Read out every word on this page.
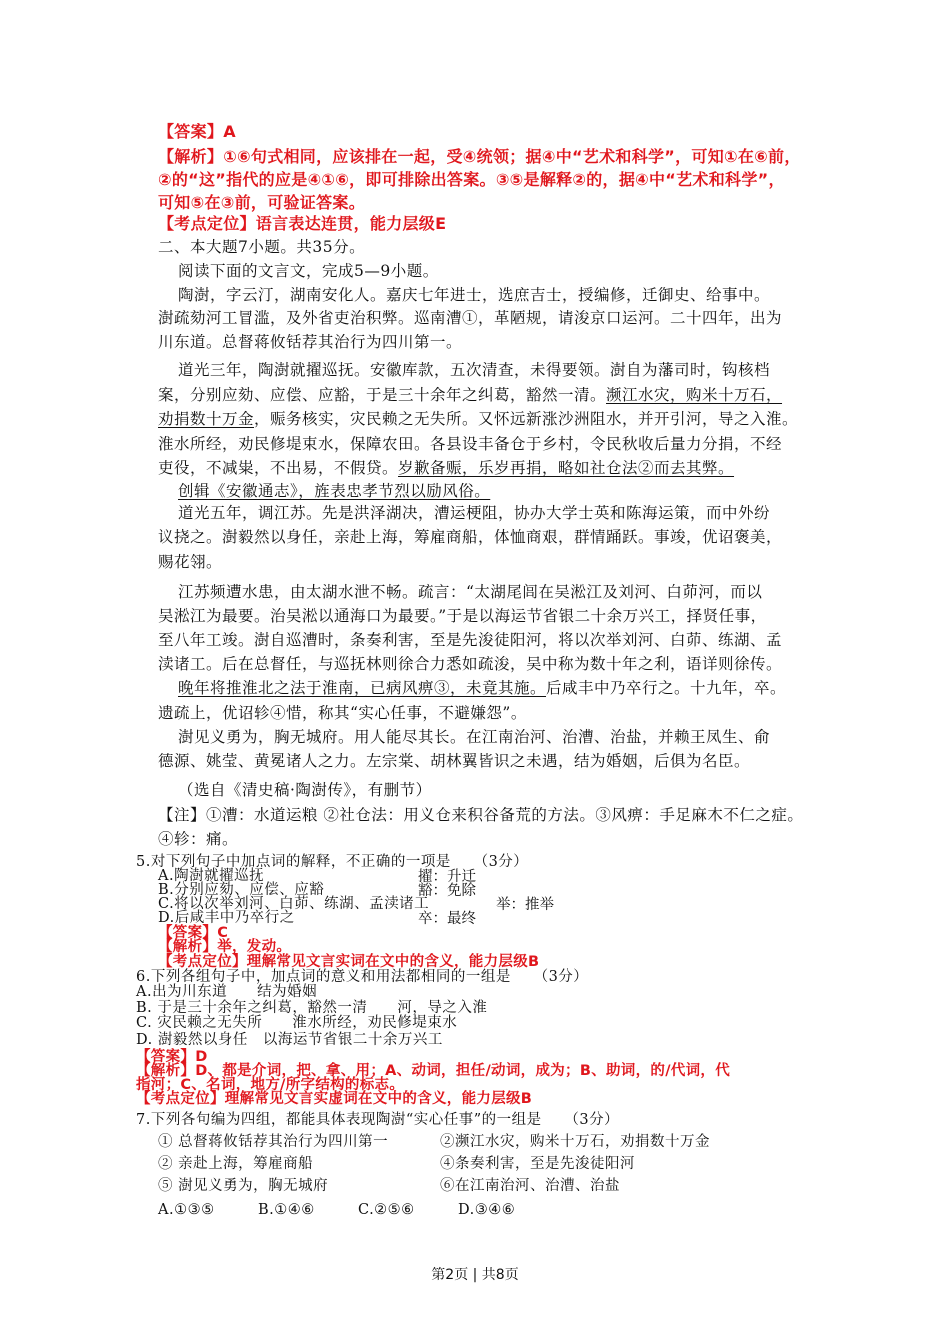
【答案】A
【解析】①⑥句式相同，应该排在一起，受④统领；据④中“艺术和科学”，可知①在⑥前，
②的“这”指代的应是④①⑥，即可排除出答案。③⑤是解释②的，据④中“艺术和科学”，
可知⑤在③前，可验证答案。
【考点定位】语言表达连贯，能力层级E
二、本大题7小题。共35分。
阅读下面的文言文，完成5—9小题。
陶澍，字云汀，湖南安化人。嘉庆七年进士，选庶吉士，授编修，迁御史、给事中。
澍疏劾河工冒滥，及外省吏治积弊。巡南漕①，革陋规，请浚京口运河。二十四年，出为
川东道。总督蒋攸铦荐其治行为四川第一。
道光三年，陶澍就擢巡抚。安徽库款，五次清查，未得要领。澍自为藩司时，钩核档
案，分别应劾、应偿、应豁，于是三十余年之纠葛，豁然一清。濒江水灾，购米十万石，
劝捐数十万金，赈务核实，灾民赖之无失所。又怀远新涨沙洲阻水，并开引河，导之入淮。
淮水所经，劝民修堤束水，保障农田。各县设丰备仓于乡村，令民秋收后量力分捐，不经
吏役，不减粜，不出易，不假贷。岁歉备赈，乐岁再捐，略如社仓法②而去其弊。
创辑《安徽通志》，旌表忠孝节烈以励风俗。
道光五年，调江苏。先是洪泽湖决，漕运梗阻，协办大学士英和陈海运策，而中外纷
议挠之。澍毅然以身任，亲赴上海，筹雇商船，体恤商艰，群情踊跃。事竣，优诏褒美，
赐花翎。
江苏频遭水患，由太湖水泄不畅。疏言：“太湖尾闾在吴淞江及刘河、白茆河，而以
吴淞江为最要。治吴淞以通海口为最要。”于是以海运节省银二十余万兴工，择贤任事，
至八年工竣。澍自巡漕时，条奏利害，至是先浚徒阳河，将以次举刘河、白茆、练湖、孟
渎诸工。后在总督任，与巡抚林则徐合力悉如疏浚，吴中称为数十年之利，语详则徐传。
晚年将推淮北之法于淮南，已病风痹③，未竟其施。后咸丰中乃卒行之。十九年，卒。
遗疏上，优诏轸④惜，称其“实心任事，不避嫌怨”。
澍见义勇为，胸无城府。用人能尽其长。在江南治河、治漕、治盐，并赖王凤生、俞
德源、姚莹、黄冕诸人之力。左宗棠、胡林翼皆识之未遇，结为婚姻，后俱为名臣。
（选自《清史稿·陶澍传》，有删节）
【注】①漕：水道运粮 ②社仓法：用义仓来积谷备荒的方法。③风痹：手足麻木不仁之症。
④轸：痛。
5.对下列句子中加点词的解释，不正确的一项是　　（3分）
A.陶澍就擢巡抚	擢：升迁
B.分别应劾、应偿、应豁	豁：免除
C.将以次举刘河、白茆、练湖、孟渎诸工	举：推举
D.后咸丰中乃卒行之	卒：最终
【答案】C
【解析】举，发动。
【考点定位】理解常见文言实词在文中的含义，能力层级B
6.下列各组句子中，加点词的意义和用法都相同的一组是　　（3分）
A.出为川东道　　结为婚姻
B. 于是三十余年之纠葛，豁然一清　　河，导之入淮
C. 灾民赖之无失所　　淮水所经，劝民修堤束水
D. 澍毅然以身任　以海运节省银二十余万兴工
【答案】D
【解析】D、都是介词，把、拿、用；A、动词，担任/动词，成为；B、助词，的/代词，代
指河；C、名词，地方/所字结构的标志。
【考点定位】理解常见文言实虚词在文中的含义，能力层级B
第2页 | 共8页
7.下列各句编为四组，都能具体表现陶澍“实心任事”的一组是　　（3分）
① 总督蒋攸铦荐其治行为四川第一	②濒江水灾，购米十万石，劝捐数十万金
② 亲赴上海，筹雇商船	④条奏利害，至是先浚徒阳河
⑤ 澍见义勇为，胸无城府	⑥在江南治河、治漕、治盐
A.①③⑤	B.①④⑥	C.②⑤⑥	D.③④⑥
